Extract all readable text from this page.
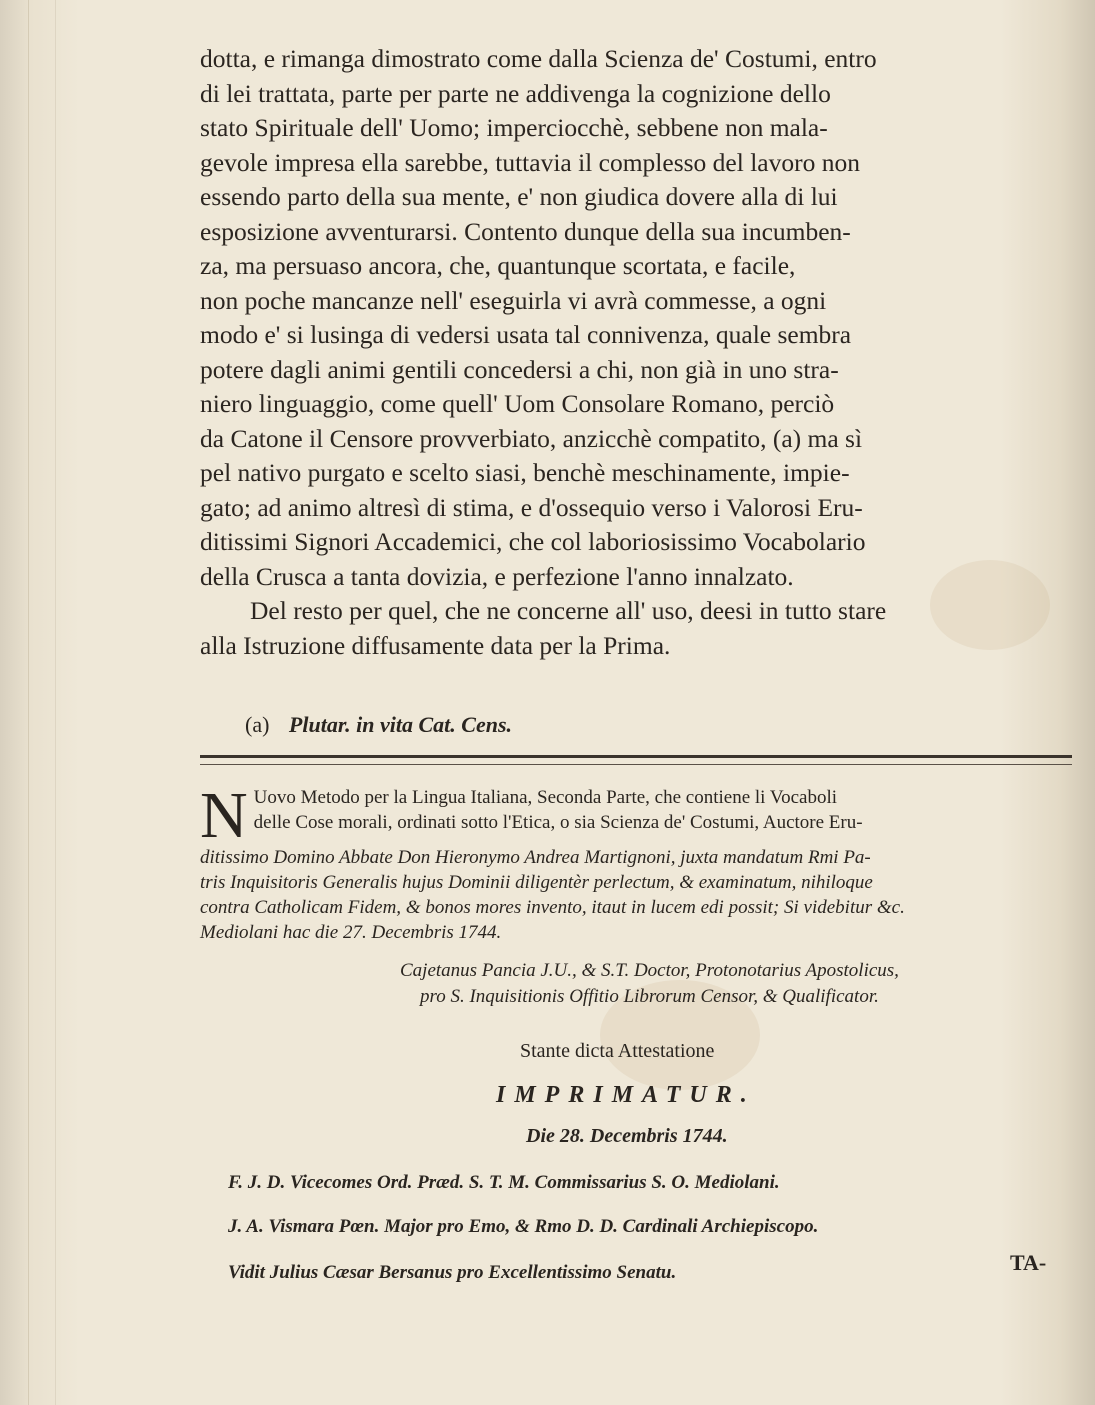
dotta, e rimanga dimostrato come dalla Scienza de' Costumi, entro
di lei trattata, parte per parte ne addivenga la cognizione dello
stato Spirituale dell' Uomo; imperciocchè, sebbene non mala-
gevole impresa ella sarebbe, tuttavia il complesso del lavoro non
essendo parto della sua mente, e' non giudica dovere alla di lui
esposizione avventurarsi. Contento dunque della sua incumben-
za, ma persuaso ancora, che, quantunque scortata, e facile,
non poche mancanze nell' eseguirla vi avrà commesse, a ogni
modo e' si lusinga di vedersi usata tal connivenza, quale sembra
potere dagli animi gentili concedersi a chi, non già in uno stra-
niero linguaggio, come quell' Uom Consolare Romano, perciò
da Catone il Censore provverbiato, anzicchè compatito, (a) ma sì
pel nativo purgato e scelto siasi, benchè meschinamente, impie-
gato; ad animo altresì di stima, e d'ossequio verso i Valorosi Eru-
ditissimi Signori Accademici, che col laboriosissimo Vocabolario
della Crusca a tanta dovizia, e perfezione l'anno innalzato.
Del resto per quel, che ne concerne all' uso, deesi in tutto stare
alla Istruzione diffusamente data per la Prima.
(a) Plutar. in vita Cat. Cens.
N Uovo Metodo per la Lingua Italiana, Seconda Parte, che contiene li Vocaboli
delle Cose morali, ordinati sotto l'Etica, o sia Scienza de' Costumi, Auctore Eru-
ditissimo Domino Abbate Don Hieronymo Andrea Martignoni, juxta mandatum Rmi Pa-
tris Inquisitoris Generalis hujus Dominii diligentèr perlectum, & examinatum, nihiloque
contra Catholicam Fidem, & bonos mores invento, itaut in lucem edi possit; Si videbitur &c.
Mediolani hac die 27. Decembris 1744.
Cajetanus Pancia J.U., & S.T. Doctor, Protonotarius Apostolicus,
pro S. Inquisitionis Offitio Librorum Censor, & Qualificator.
Stante dicta Attestatione
IMPRIMATUR.
Die 28. Decembris 1744.
F. J. D. Vicecomes Ord. Præd. S. T. M. Commissarius S. O. Mediolani.
J. A. Vismara Pœn. Major pro Emo, & Rmo D. D. Cardinali Archiepiscopo.
Vidit Julius Cæsar Bersanus pro Excellentissimo Senatu.	TA-
